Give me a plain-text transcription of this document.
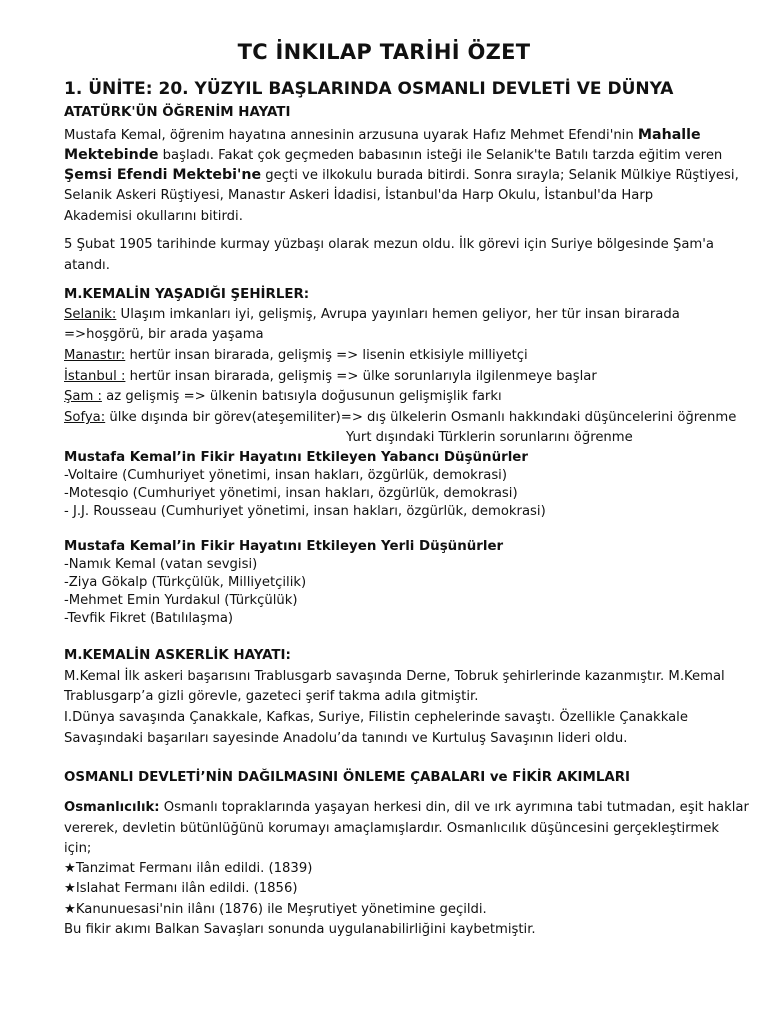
TC İNKILAP TARİHİ ÖZET
1. ÜNİTE: 20. YÜZYIL BAŞLARINDA OSMANLI DEVLETİ VE DÜNYA
ATATÜRK'ÜN ÖĞRENİM HAYATI
Mustafa Kemal, öğrenim hayatına annesinin arzusuna uyarak Hafız Mehmet Efendi'nin Mahalle
Mektebinde başladı. Fakat çok geçmeden babasının isteği ile Selanik'te Batılı tarzda eğitim veren
Şemsi Efendi Mektebi'ne geçti ve ilkokulu burada bitirdi. Sonra sırayla; Selanik Mülkiye Rüştiyesi,
Selanik Askeri Rüştiyesi, Manastır Askeri İdadisi, İstanbul'da Harp Okulu, İstanbul'da Harp
Akademisi okullarını bitirdi.
5 Şubat 1905 tarihinde kurmay yüzbaşı olarak mezun oldu. İlk görevi için Suriye bölgesinde Şam'a
atandı.
M.KEMALİN YAŞADIĞI ŞEHİRLER:
Selanik: Ulaşım imkanları iyi, gelişmiş, Avrupa yayınları hemen geliyor, her tür insan birarada
=>hoşgörü, bir arada yaşama
Manastır: hertür insan birarada, gelişmiş => lisenin etkisiyle milliyetçi
İstanbul : hertür insan birarada, gelişmiş => ülke sorunlarıyla ilgilenmeye başlar
Şam : az gelişmiş => ülkenin batısıyla doğusunun gelişmişlik farkı
Sofya: ülke dışında bir görev(ateşemiliter)=> dış ülkelerin Osmanlı hakkındaki düşüncelerini öğrenme
Yurt dışındaki Türklerin sorunlarını öğrenme
Mustafa Kemal’in Fikir Hayatını Etkileyen Yabancı Düşünürler
-Voltaire (Cumhuriyet yönetimi, insan hakları, özgürlük, demokrasi)
-Motesqio (Cumhuriyet yönetimi, insan hakları, özgürlük, demokrasi)
- J.J. Rousseau (Cumhuriyet yönetimi, insan hakları, özgürlük, demokrasi)
Mustafa Kemal’in Fikir Hayatını Etkileyen Yerli Düşünürler
-Namık Kemal (vatan sevgisi)
-Ziya Gökalp (Türkçülük, Milliyetçilik)
-Mehmet Emin Yurdakul (Türkçülük)
-Tevfik Fikret (Batılılaşma)
M.KEMALİN ASKERLİK HAYATI:
M.Kemal İlk askeri başarısını Trablusgarb savaşında Derne, Tobruk şehirlerinde kazanmıştır. M.Kemal
Trablusgarp’a gizli görevle, gazeteci şerif takma adıla gitmiştir.
I.Dünya savaşında Çanakkale, Kafkas, Suriye, Filistin cephelerinde savaştı. Özellikle Çanakkale
Savaşındaki başarıları sayesinde Anadolu’da tanındı ve Kurtuluş Savaşının lideri oldu.
OSMANLI DEVLETİ’NİN DAĞILMASINI ÖNLEME ÇABALARI ve FİKİR AKIMLARI
Osmanlıcılık: Osmanlı topraklarında yaşayan herkesi din, dil ve ırk ayrımına tabi tutmadan, eşit haklar
vererek, devletin bütünlüğünü korumayı amaçlamışlardır. Osmanlıcılık düşüncesini gerçekleştirmek
için;
★Tanzimat Fermanı ilân edildi. (1839)
★Islahat Fermanı ilân edildi. (1856)
★Kanunuesasi'nin ilânı (1876) ile Meşrutiyet yönetimine geçildi.
Bu fikir akımı Balkan Savaşları sonunda uygulanabilirliğini kaybetmiştir.
